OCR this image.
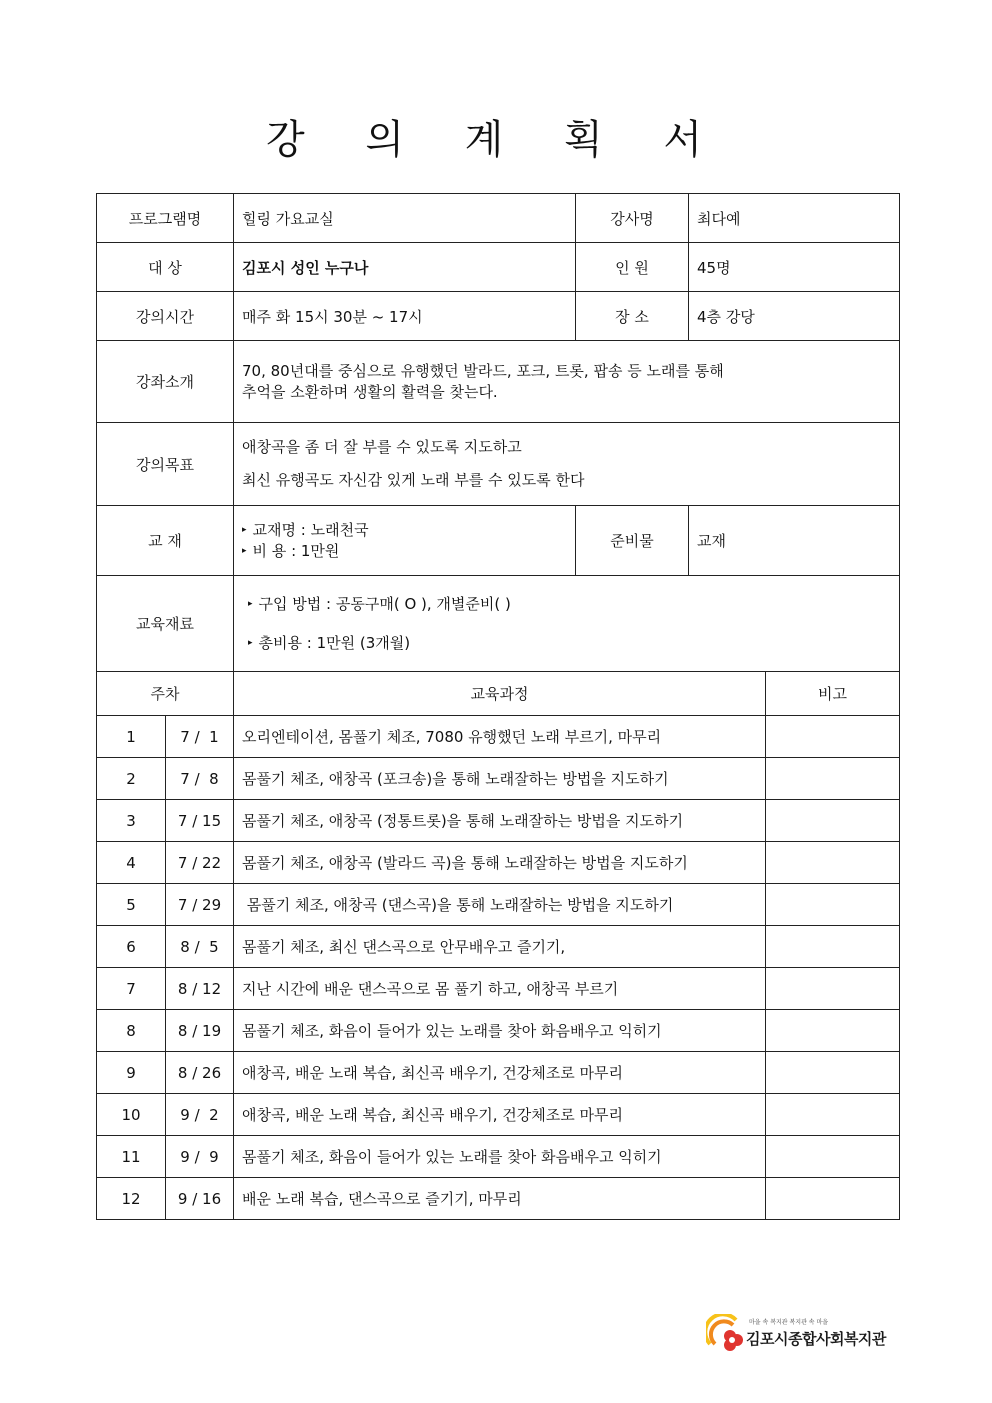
강 의 계 획 서
프로그램명		힐링 가요교실	강사명	최다예	
대 상		김포시 성인 누구나	인 원	45명	
강의시간		매주 화 15시 30분 ~ 17시	장 소	4층 강당	
강좌소개		70, 80년대를 중심으로 유행했던 발라드, 포크, 트롯, 팝송 등 노래를 통해
추억을 소환하며 생활의 활력을 찾는다.			

강의목표		애창곡을 좀 더 잘 부를 수 있도록 지도하고
최신 유행곡도 자신감 있게 노래 부를 수 있도록 한다			

교 재		▸ 교재명 : 노래천국
▸ 비 용 : 1만원	준비물	교재	
교육재료		▸ 구입 방법 : 공동구매( O ), 개별준비( )
▸ 총비용 : 1만원 (3개월)			

주차		교육과정			비고
1	7 /  1	오리엔테이션, 몸풀기 체조, 7080 유행했던 노래 부르기, 마무리			
2	7 /  8	몸풀기 체조, 애창곡 (포크송)을 통해 노래잘하는 방법을 지도하기			
3	7 / 15	몸풀기 체조, 애창곡 (정통트롯)을 통해 노래잘하는 방법을 지도하기			
4	7 / 22	몸풀기 체조, 애창곡 (발라드 곡)을 통해 노래잘하는 방법을 지도하기			
5	7 / 29	몸풀기 체조, 애창곡 (댄스곡)을 통해 노래잘하는 방법을 지도하기			
6	8 /  5	몸풀기 체조, 최신 댄스곡으로 안무배우고 즐기기,			
7	8 / 12	지난 시간에 배운 댄스곡으로 몸 풀기 하고, 애창곡 부르기			
8	8 / 19	몸풀기 체조, 화음이 들어가 있는 노래를 찾아 화음배우고 익히기			
9	8 / 26	애창곡, 배운 노래 복습, 최신곡 배우기, 건강체조로 마무리			
10	9 /  2	애창곡, 배운 노래 복습, 최신곡 배우기, 건강체조로 마무리			
11	9 /  9	몸풀기 체조, 화음이 들어가 있는 노래를 찾아 화음배우고 익히기			
12	9 / 16	배운 노래 복습, 댄스곡으로 즐기기, 마무리			
마을 속 복지관 복지관 속 마을
김포시종합사회복지관
